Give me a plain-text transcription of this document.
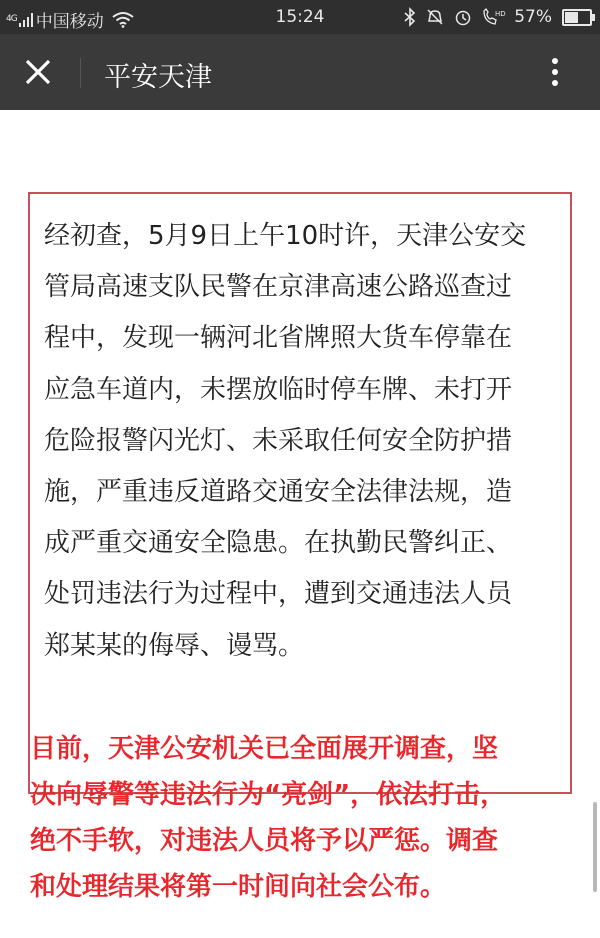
4G 中国移动	15:24	HD 57%
平安天津

经初查，5月9日上午10时许，天津公安交
管局高速支队民警在京津高速公路巡查过
程中，发现一辆河北省牌照大货车停靠在
应急车道内，未摆放临时停车牌、未打开
危险报警闪光灯、未采取任何安全防护措
施，严重违反道路交通安全法律法规，造
成严重交通安全隐患。在执勤民警纠正、
处罚违法行为过程中，遭到交通违法人员
郑某某的侮辱、谩骂。

目前，天津公安机关已全面展开调查，坚
决向辱警等违法行为“亮剑”，依法打击，
绝不手软，对违法人员将予以严惩。调查
和处理结果将第一时间向社会公布。
